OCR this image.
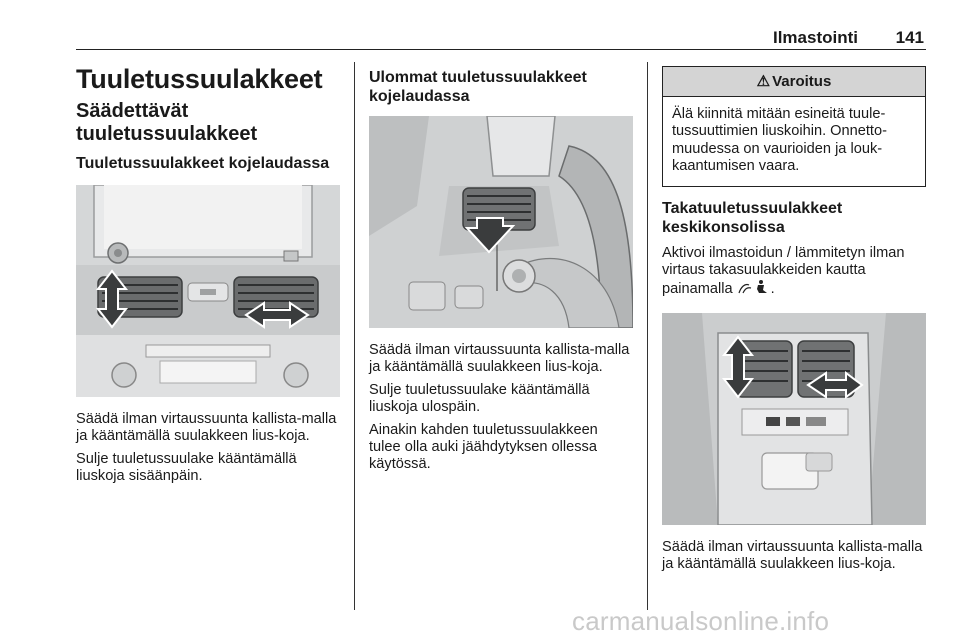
Ilmastointi 141
Tuuletussuulakkeet
Säädettävät tuuletussuulakkeet
Tuuletussuulakkeet kojelaudassa
Säädä ilman virtaussuunta kallista-malla ja kääntämällä suulakkeen lius-koja.
Sulje tuuletussuulake kääntämällä liuskoja sisäänpäin.
Ulommat tuuletussuulakkeet kojelaudassa
Säädä ilman virtaussuunta kallista-malla ja kääntämällä suulakkeen lius-koja.
Sulje tuuletussuulake kääntämällä liuskoja ulospäin.
Ainakin kahden tuuletussuulakkeen tulee olla auki jäähdytyksen ollessa käytössä.
⚠ Varoitus
Älä kiinnitä mitään esineitä tuule-tussuuttimien liuskoihin. Onnetto-muudessa on vaurioiden ja louk-kaantumisen vaara.
Takatuuletussuulakkeet keskikonsolissa
Aktivoi ilmastoidun / lämmitetyn ilman virtaus takasuulakkeiden kautta painamalla	.
Säädä ilman virtaussuunta kallista-malla ja kääntämällä suulakkeen lius-koja.
carmanualsonline.info
